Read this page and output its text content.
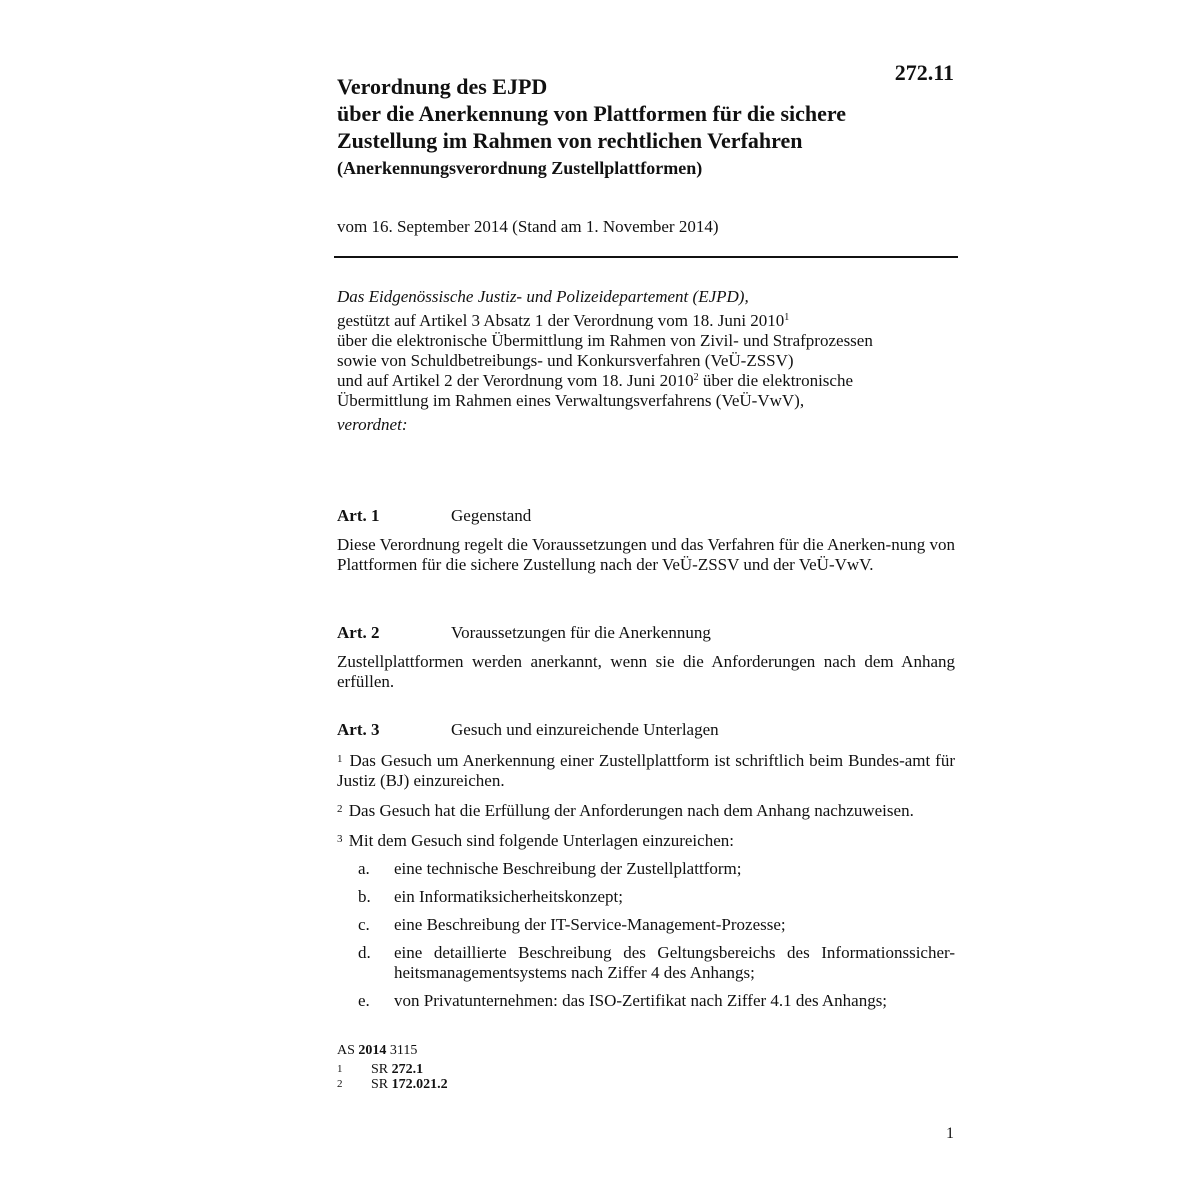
272.11
Verordnung des EJPD
über die Anerkennung von Plattformen für die sichere
Zustellung im Rahmen von rechtlichen Verfahren
(Anerkennungsverordnung Zustellplattformen)
vom 16. September 2014 (Stand am 1. November 2014)
Das Eidgenössische Justiz- und Polizeidepartement (EJPD),
gestützt auf Artikel 3 Absatz 1 der Verordnung vom 18. Juni 2010$^1$
über die elektronische Übermittlung im Rahmen von Zivil- und Strafprozessen
sowie von Schuldbetreibungs- und Konkursverfahren (VeÜ-ZSSV)
und auf Artikel 2 der Verordnung vom 18. Juni 2010$^2$ über die elektronische
Übermittlung im Rahmen eines Verwaltungsverfahrens (VeÜ-VwV),
verordnet:
Art. 1	Gegenstand
Diese Verordnung regelt die Voraussetzungen und das Verfahren für die Anerken-nung von Plattformen für die sichere Zustellung nach der VeÜ-ZSSV und der VeÜ-VwV.
Art. 2	Voraussetzungen für die Anerkennung
Zustellplattformen werden anerkannt, wenn sie die Anforderungen nach dem Anhang erfüllen.
Art. 3	Gesuch und einzureichende Unterlagen
$^1$ Das Gesuch um Anerkennung einer Zustellplattform ist schriftlich beim Bundes-amt für Justiz (BJ) einzureichen.
$^2$ Das Gesuch hat die Erfüllung der Anforderungen nach dem Anhang nachzuweisen.
$^3$ Mit dem Gesuch sind folgende Unterlagen einzureichen:
a.	eine technische Beschreibung der Zustellplattform;
b.	ein Informatiksicherheitskonzept;
c.	eine Beschreibung der IT-Service-Management-Prozesse;
d.	eine detaillierte Beschreibung des Geltungsbereichs des Informationssicher-heitsmanagementsystems nach Ziffer 4 des Anhangs;
e.	von Privatunternehmen: das ISO-Zertifikat nach Ziffer 4.1 des Anhangs;
AS 2014 3115
1	SR 272.1
2	SR 172.021.2
1
